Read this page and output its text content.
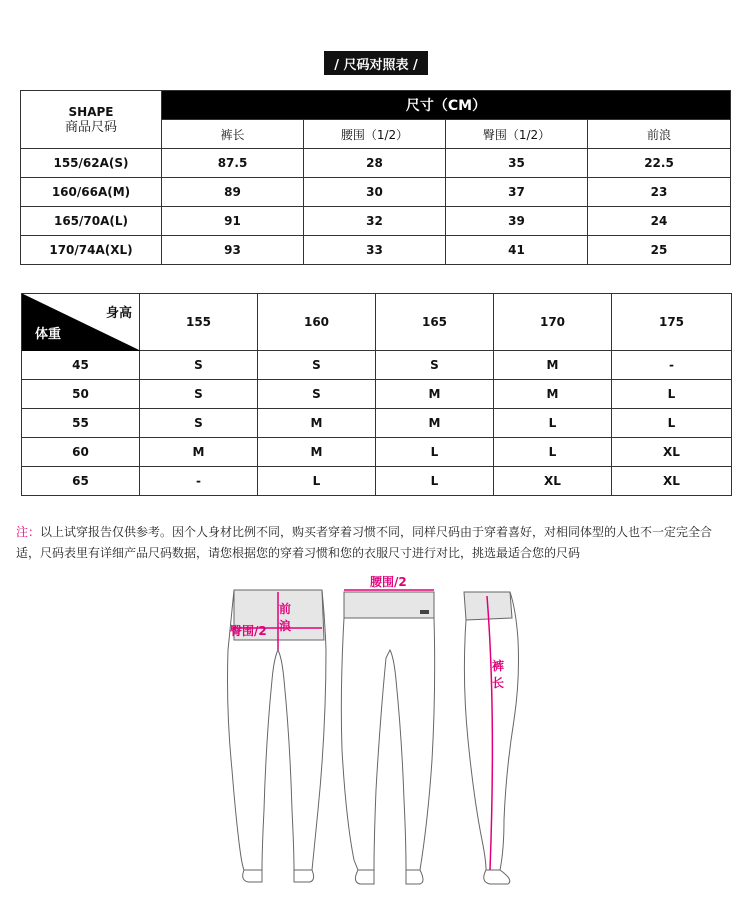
/ 尺码对照表 /
SHAPE
商品尺码	尺寸（CM）			
	裤长	腰围（1/2）	臀围（1/2）	前浪
155/62A(S)	87.5	28	35	22.5
160/66A(M)	89	30	37	23
165/70A(L)	91	32	39	24
170/74A(XL)	93	33	41	25
身高
体重	155	160	165	170	175
45	S	S	S	M	-
50	S	S	M	M	L
55	S	M	M	L	L
60	M	M	L	L	XL
65	-	L	L	XL	XL
注：以上试穿报告仅供参考。因个人身材比例不同，购买者穿着习惯不同，同样尺码由于穿着喜好，对相同体型的人也不一定完全合适，尺码表里有详细产品尺码数据，请您根据您的穿着习惯和您的衣服尺寸进行对比，挑选最适合您的尺码
前
浪
臀围/2
腰围/2
裤
长
